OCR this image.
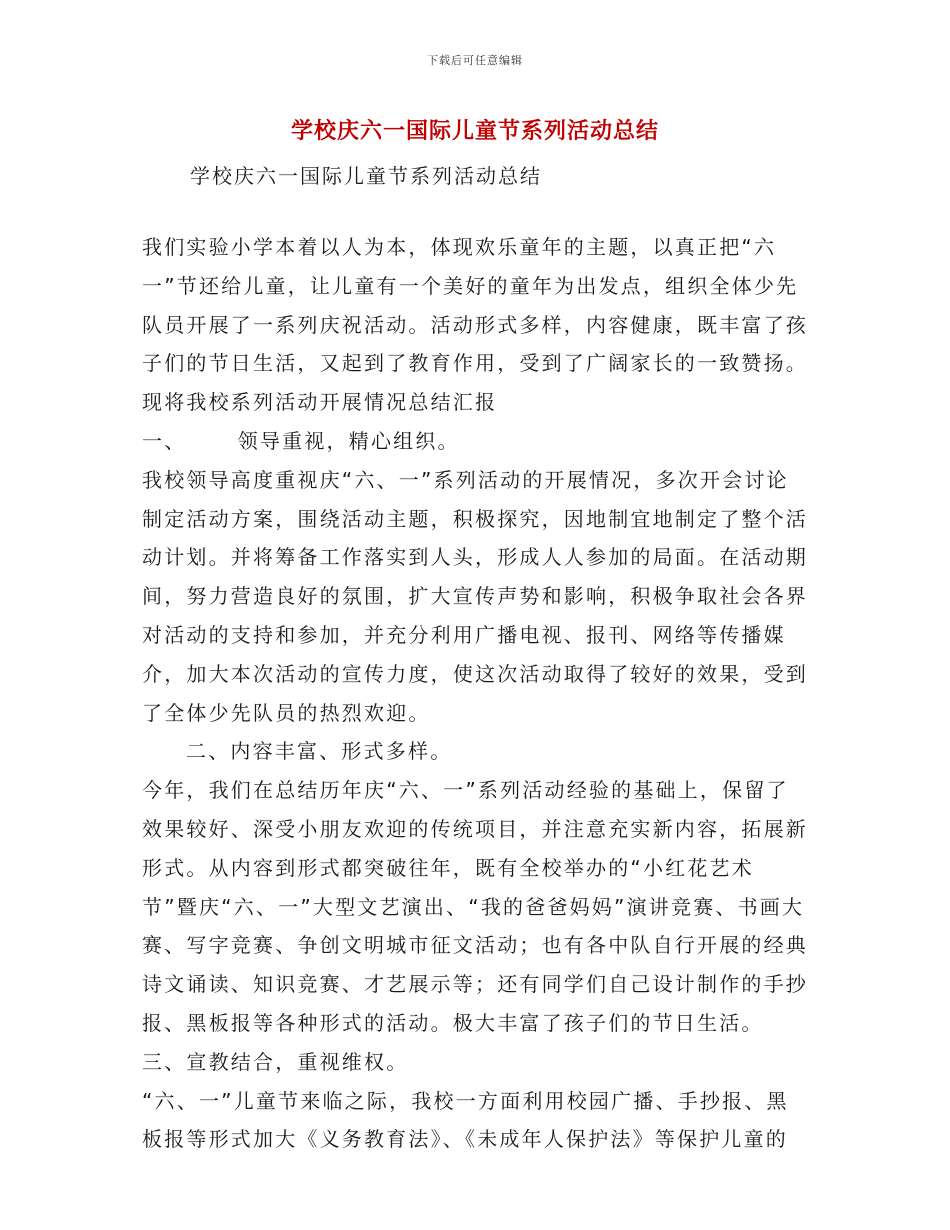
下载后可任意编辑
学校庆六一国际儿童节系列活动总结
学校庆六一国际儿童节系列活动总结

我们实验小学本着以人为本，体现欢乐童年的主题，以真正把“六一”节还给儿童，让儿童有一个美好的童年为出发点，组织全体少先队员开展了一系列庆祝活动。活动形式多样，内容健康，既丰富了孩子们的节日生活，又起到了教育作用，受到了广阔家长的一致赞扬。现将我校系列活动开展情况总结汇报

一、      领导重视，精心组织。

我校领导高度重视庆“六、一”系列活动的开展情况，多次开会讨论制定活动方案，围绕活动主题，积极探究，因地制宜地制定了整个活动计划。并将筹备工作落实到人头，形成人人参加的局面。在活动期间，努力营造良好的氛围，扩大宣传声势和影响，积极争取社会各界对活动的支持和参加，并充分利用广播电视、报刊、网络等传播媒介，加大本次活动的宣传力度，使这次活动取得了较好的效果，受到了全体少先队员的热烈欢迎。

二、内容丰富、形式多样。

今年，我们在总结历年庆“六、一”系列活动经验的基础上，保留了效果较好、深受小朋友欢迎的传统项目，并注意充实新内容，拓展新形式。从内容到形式都突破往年，既有全校举办的“小红花艺术节”暨庆“六、一”大型文艺演出、“我的爸爸妈妈”演讲竞赛、书画大赛、写字竞赛、争创文明城市征文活动；也有各中队自行开展的经典诗文诵读、知识竞赛、才艺展示等；还有同学们自己设计制作的手抄报、黑板报等各种形式的活动。极大丰富了孩子们的节日生活。

三、宣教结合，重视维权。

“六、一”儿童节来临之际，我校一方面利用校园广播、手抄报、黑板报等形式加大《义务教育法》、《未成年人保护法》等保护儿童的
